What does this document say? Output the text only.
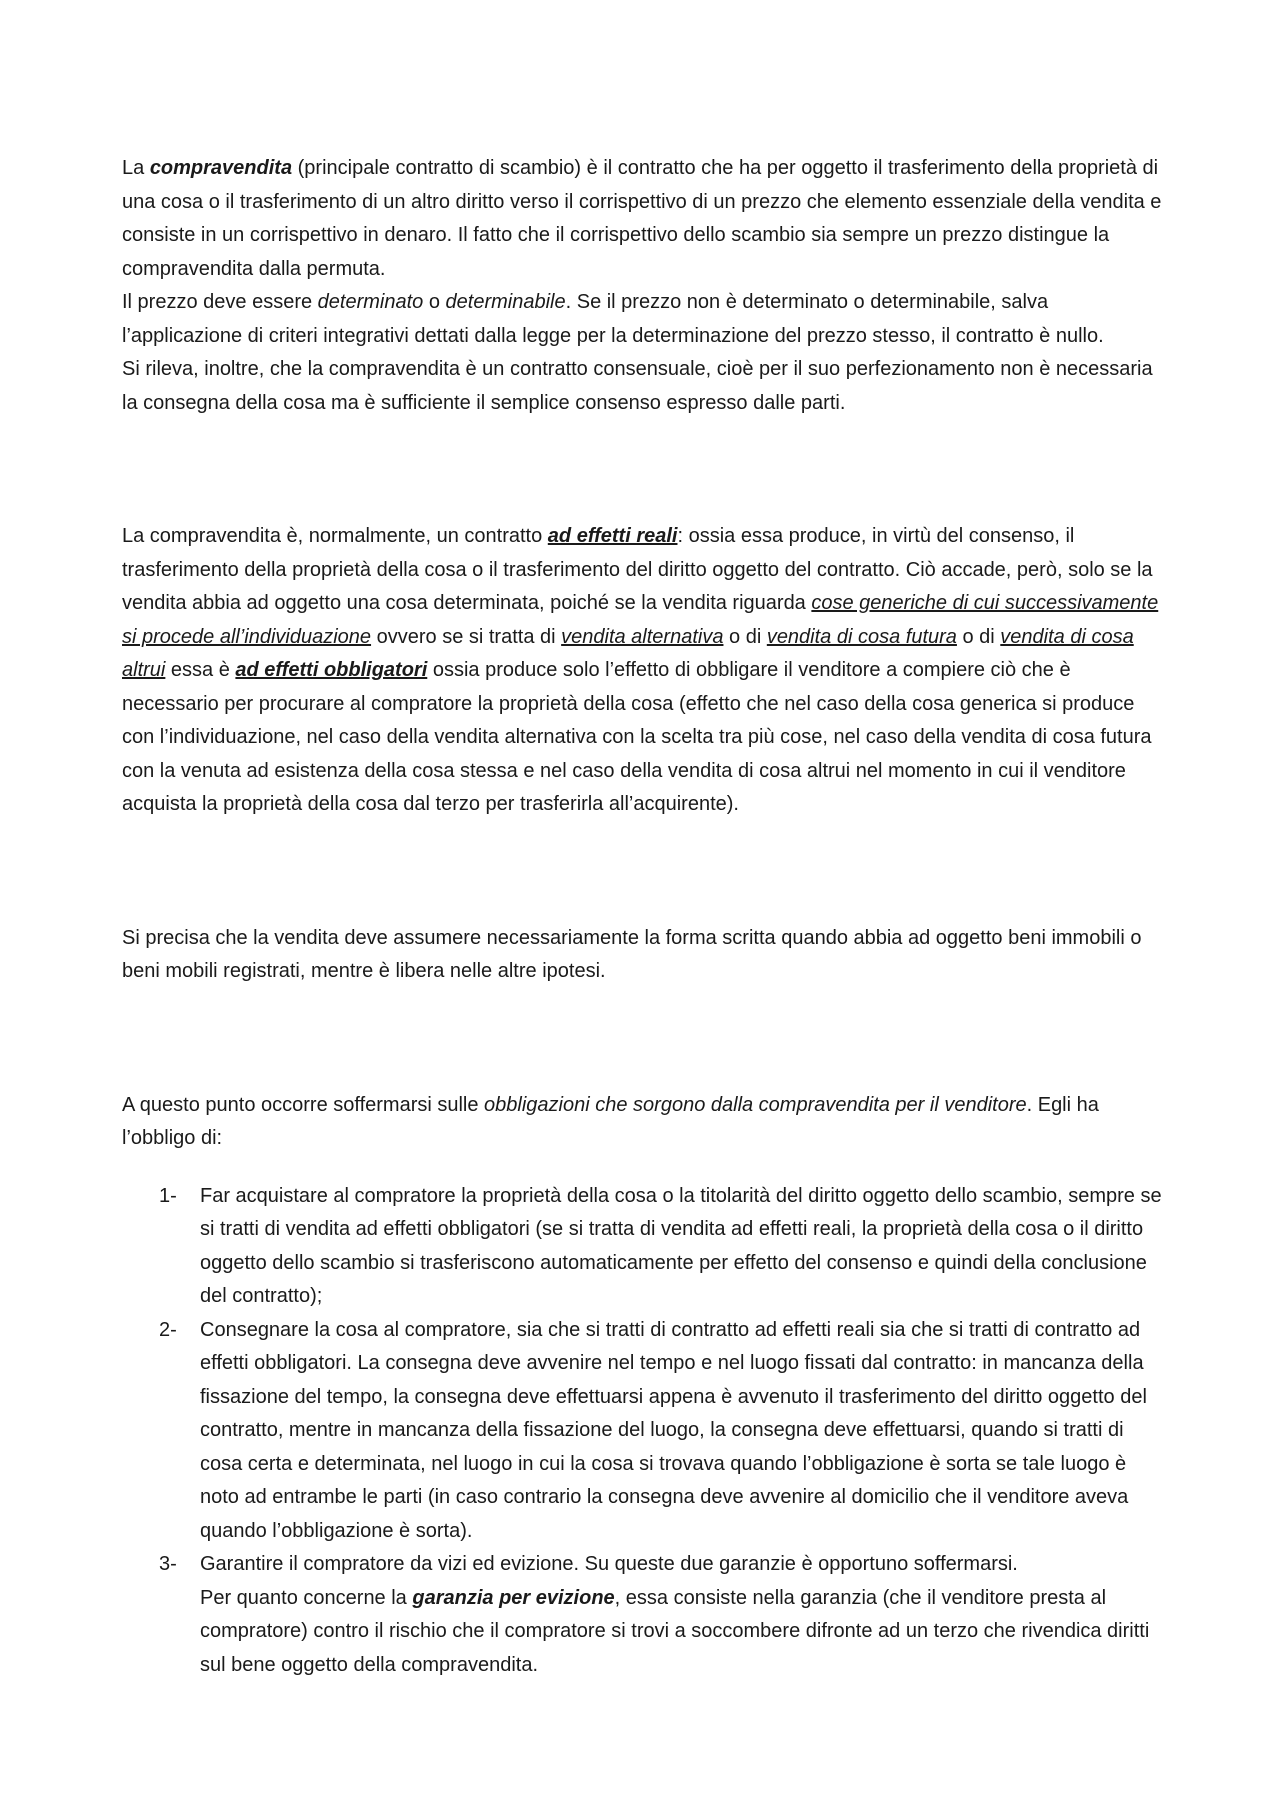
La compravendita (principale contratto di scambio) è il contratto che ha per oggetto il trasferimento della proprietà di una cosa o il trasferimento di un altro diritto verso il corrispettivo di un prezzo che elemento essenziale della vendita e consiste in un corrispettivo in denaro. Il fatto che il corrispettivo dello scambio sia sempre un prezzo distingue la compravendita dalla permuta.

Il prezzo deve essere determinato o determinabile. Se il prezzo non è determinato o determinabile, salva l’applicazione di criteri integrativi dettati dalla legge per la determinazione del prezzo stesso, il contratto è nullo.

Si rileva, inoltre, che la compravendita è un contratto consensuale, cioè per il suo perfezionamento non è necessaria la consegna della cosa ma è sufficiente il semplice consenso espresso dalle parti.

La compravendita è, normalmente, un contratto ad effetti reali: ossia essa produce, in virtù del consenso, il trasferimento della proprietà della cosa o il trasferimento del diritto oggetto del contratto. Ciò accade, però, solo se la vendita abbia ad oggetto una cosa determinata, poiché se la vendita riguarda cose generiche di cui successivamente si procede all’individuazione ovvero se si tratta di vendita alternativa o di vendita di cosa futura o di vendita di cosa altrui essa è ad effetti obbligatori ossia produce solo l’effetto di obbligare il venditore a compiere ciò che è necessario per procurare al compratore la proprietà della cosa (effetto che nel caso della cosa generica si produce con l’individuazione, nel caso della vendita alternativa con la scelta tra più cose, nel caso della vendita di cosa futura con la venuta ad esistenza della cosa stessa e nel caso della vendita di cosa altrui nel momento in cui il venditore acquista la proprietà della cosa dal terzo per trasferirla all’acquirente).

Si precisa che la vendita deve assumere necessariamente la forma scritta quando abbia ad oggetto beni immobili o beni mobili registrati, mentre è libera nelle altre ipotesi.

A questo punto occorre soffermarsi sulle obbligazioni che sorgono dalla compravendita per il venditore. Egli ha l’obbligo di:

1- Far acquistare al compratore la proprietà della cosa o la titolarità del diritto oggetto dello scambio, sempre se si tratti di vendita ad effetti obbligatori (se si tratta di vendita ad effetti reali, la proprietà della cosa o il diritto oggetto dello scambio si trasferiscono automaticamente per effetto del consenso e quindi della conclusione del contratto);
2- Consegnare la cosa al compratore, sia che si tratti di contratto ad effetti reali sia che si tratti di contratto ad effetti obbligatori. La consegna deve avvenire nel tempo e nel luogo fissati dal contratto: in mancanza della fissazione del tempo, la consegna deve effettuarsi appena è avvenuto il trasferimento del diritto oggetto del contratto, mentre in mancanza della fissazione del luogo, la consegna deve effettuarsi, quando si tratti di cosa certa e determinata, nel luogo in cui la cosa si trovava quando l’obbligazione è sorta se tale luogo è noto ad entrambe le parti (in caso contrario la consegna deve avvenire al domicilio che il venditore aveva quando l’obbligazione è sorta).
3- Garantire il compratore da vizi ed evizione. Su queste due garanzie è opportuno soffermarsi.
Per quanto concerne la garanzia per evizione, essa consiste nella garanzia (che il venditore presta al compratore) contro il rischio che il compratore si trovi a soccombere difronte ad un terzo che rivendica diritti sul bene oggetto della compravendita.
